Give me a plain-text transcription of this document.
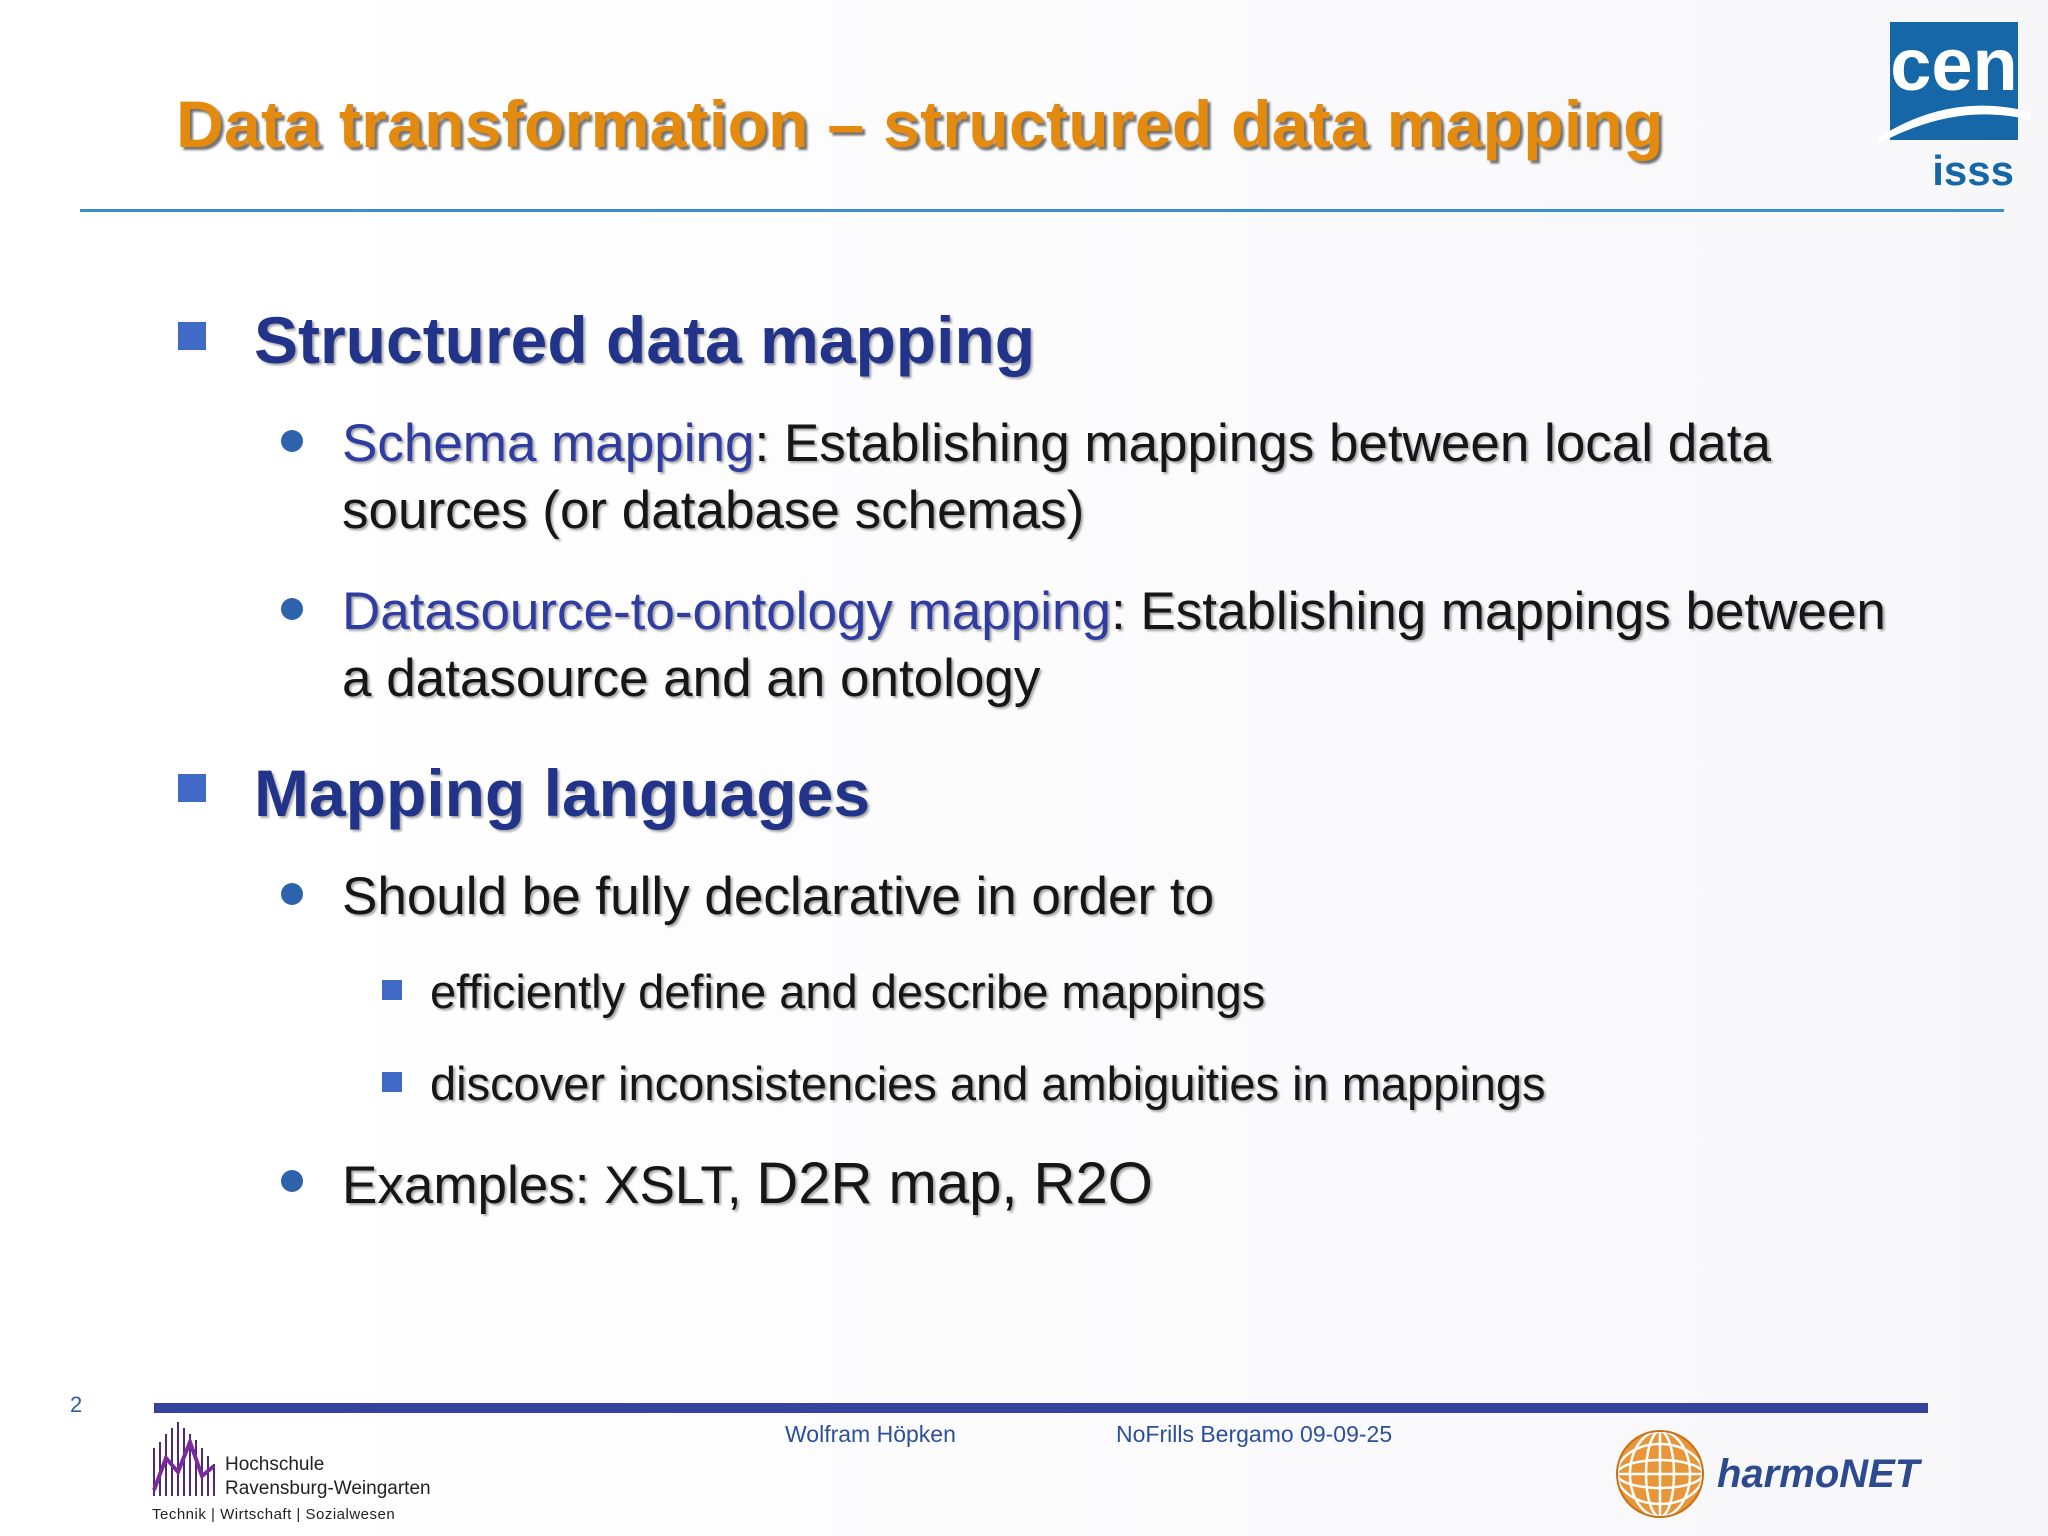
Data transformation – structured data mapping
cen
isss
Structured data mapping

Schema mapping: Establishing mappings between local data sources (or database schemas)

Datasource-to-ontology mapping: Establishing mappings between a datasource and an ontology

Mapping languages

Should be fully declarative in order to

efficiently define and describe mappings

discover inconsistencies and ambiguities in mappings

Examples: XSLT, D2R map, R2O

2
Wolfram Höpken	NoFrills Bergamo 09-09-25
Hochschule
Ravensburg-Weingarten
Technik | Wirtschaft | Sozialwesen
harmoNET
